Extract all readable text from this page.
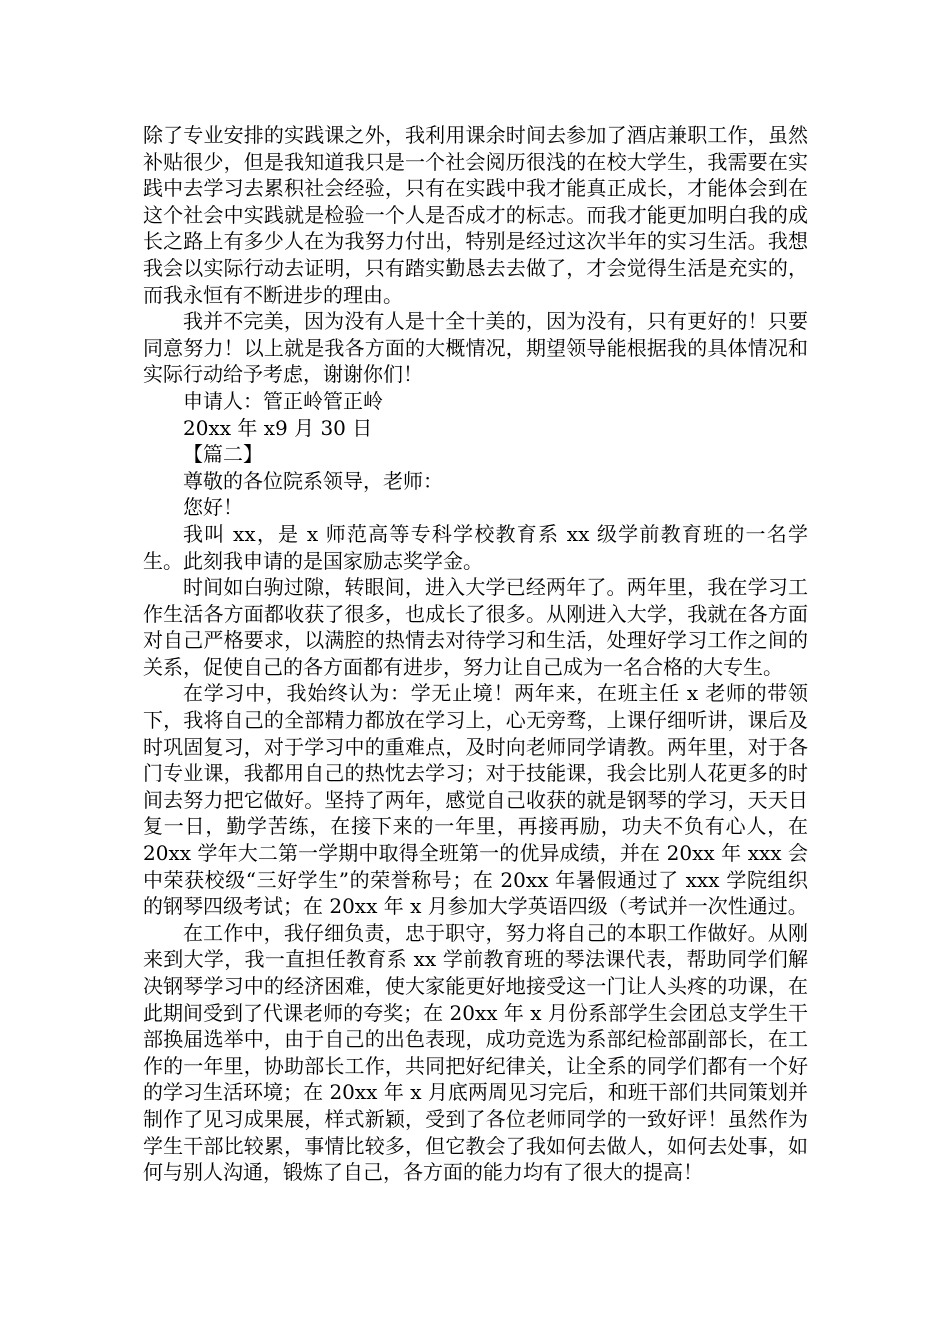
除了专业安排的实践课之外，我利用课余时间去参加了酒店兼职工作，虽然补贴很少，但是我知道我只是一个社会阅历很浅的在校大学生，我需要在实践中去学习去累积社会经验，只有在实践中我才能真正成长，才能体会到在这个社会中实践就是检验一个人是否成才的标志。而我才能更加明白我的成长之路上有多少人在为我努力付出，特别是经过这次半年的实习生活。我想我会以实际行动去证明，只有踏实勤恳去去做了，才会觉得生活是充实的，而我永恒有不断进步的理由。

我并不完美，因为没有人是十全十美的，因为没有，只有更好的！只要同意努力！以上就是我各方面的大概情况，期望领导能根据我的具体情况和实际行动给予考虑，谢谢你们！

申请人：管正岭管正岭

20xx 年 x9 月 30 日

【篇二】

尊敬的各位院系领导，老师：

您好！

我叫 xx，是 x 师范高等专科学校教育系 xx 级学前教育班的一名学生。此刻我申请的是国家励志奖学金。

时间如白驹过隙，转眼间，进入大学已经两年了。两年里，我在学习工作生活各方面都收获了很多，也成长了很多。从刚进入大学，我就在各方面对自己严格要求，以满腔的热情去对待学习和生活，处理好学习工作之间的关系，促使自己的各方面都有进步，努力让自己成为一名合格的大专生。

在学习中，我始终认为：学无止境！两年来，在班主任 x 老师的带领下，我将自己的全部精力都放在学习上，心无旁骛，上课仔细听讲，课后及时巩固复习，对于学习中的重难点，及时向老师同学请教。两年里，对于各门专业课，我都用自己的热忱去学习；对于技能课，我会比别人花更多的时间去努力把它做好。坚持了两年，感觉自己收获的就是钢琴的学习，天天日复一日，勤学苦练，在接下来的一年里，再接再励，功夫不负有心人，在 20xx 学年大二第一学期中取得全班第一的优异成绩，并在 20xx 年 xxx 会中荣获校级“三好学生”的荣誉称号；在 20xx 年暑假通过了 xxx 学院组织的钢琴四级考试；在 20xx 年 x 月参加大学英语四级（考试并一次性通过。

在工作中，我仔细负责，忠于职守，努力将自己的本职工作做好。从刚来到大学，我一直担任教育系 xx 学前教育班的琴法课代表，帮助同学们解决钢琴学习中的经济困难，使大家能更好地接受这一门让人头疼的功课，在此期间受到了代课老师的夸奖；在 20xx 年 x 月份系部学生会团总支学生干部换届选举中，由于自己的出色表现，成功竞选为系部纪检部副部长，在工作的一年里，协助部长工作，共同把好纪律关，让全系的同学们都有一个好的学习生活环境；在 20xx 年 x 月底两周见习完后，和班干部们共同策划并制作了见习成果展，样式新颖，受到了各位老师同学的一致好评！虽然作为学生干部比较累，事情比较多，但它教会了我如何去做人，如何去处事，如何与别人沟通，锻炼了自己，各方面的能力均有了很大的提高！
